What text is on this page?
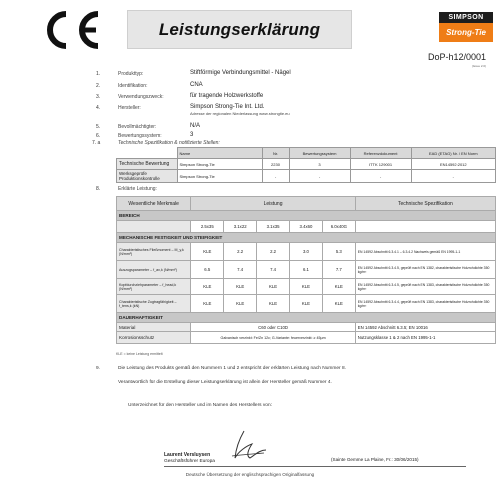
Leistungserklärung
SIMPSON
Strong-Tie
DoP-h12/0001
(Issue 2.0)
1.	Produkttyp:	Stiftförmige Verbindungsmittel - Nägel
2.	Identifikation:	CNA
3.	Verwendungszweck:	für tragende Holzwerkstoffe
4.	Hersteller:	Simpson Strong-Tie Int. Ltd.
Adresse der regionalen Niederlassung www.strongtie.eu
5.	Bevollmächtigter:	N/A
6.	Bewertungssystem:	3
7. a	Technische Spezifikation & notifizierte Stellen:
	Name	Nr.	Bewertungssystem	Referenzdokument	EAD (ETAG) Nr. / EN Norm
Technische Bewertung	Simpson Strong-Tie	2230	3	ITTK 129001	EN14592:2012
Werksgeprüfe Produktionskontrolle	Simpson Strong-Tie	-	-	-	-
8.	Erklärte Leistung:
Wesentliche Merkmale	Leistung					Technische Spezifikation
BEREICH						
	2.5x35	3.1x22	3.1x35	3.4x60	6.0x40G	
MECHANISCHE FESTIGKEIT UND STEIFIGKEIT						
Charakteristisches Fließmoment – M_y,k (N/mm²)	KLE	2.2	2.2	3.0	5.3	EN 14592 Abschnitt 6.3.4.1 – 6.3.4.2 Nachweis gemäß EN 1995-1-1
Auszugsparameter – f_ax,k (N/mm²)	6.5	7.4	7.4	6.1	7.7	EN 14592 Abschnitt 6.3.4.5, geprüft nach EN 1382, charakteristische Holzrohdichte 350 kg/m³
Kopfdurchziehparameter – f_head,k (N/mm²)	KLE	KLE	KLE	KLE	KLE	EN 14592 Abschnitt 6.3.4.5, geprüft nach EN 1383, charakteristische Holzrohdichte 350 kg/m³
Charakteristische Zugtragfähigkeit – f_tens,k (kN)	KLE	KLE	KLE	KLE	KLE	EN 14592 Abschnitt 6.3.4.4, geprüft nach EN 1383, charakteristische Holzrohdichte 350 kg/m³
DAUERHAFTIGKEIT						
Material	C60 oder C10D					EN 14592 Abschnitt 6.3.5; EN 10016
Korrosionsschutz	Galvanisch verzinkt: Fe/Zn 12c; G-Variante: feuerverzinkt: ≥ 45µm					Nutzungsklasse 1 & 2 nach EN 1995-1-1
KLE = keine Leistung ermittelt
9.	Die Leistung des Produkts gemäß den Nummern 1 und 2 entspricht der erklärten Leistung nach Nummer 8.
Verantwortlich für die Erstellung dieser Leistungserklärung ist allein der Hersteller gemäß Nummer 4.
Unterzeichnet für den Hersteller und im Namen des Herstellers von:
Laurent Versluysen
Geschäftsführer Europa	(Sainte Gemme La Plaine, Fr.: 30/06/2015)
Deutsche Übersetzung der englischsprachigen Originalfassung
